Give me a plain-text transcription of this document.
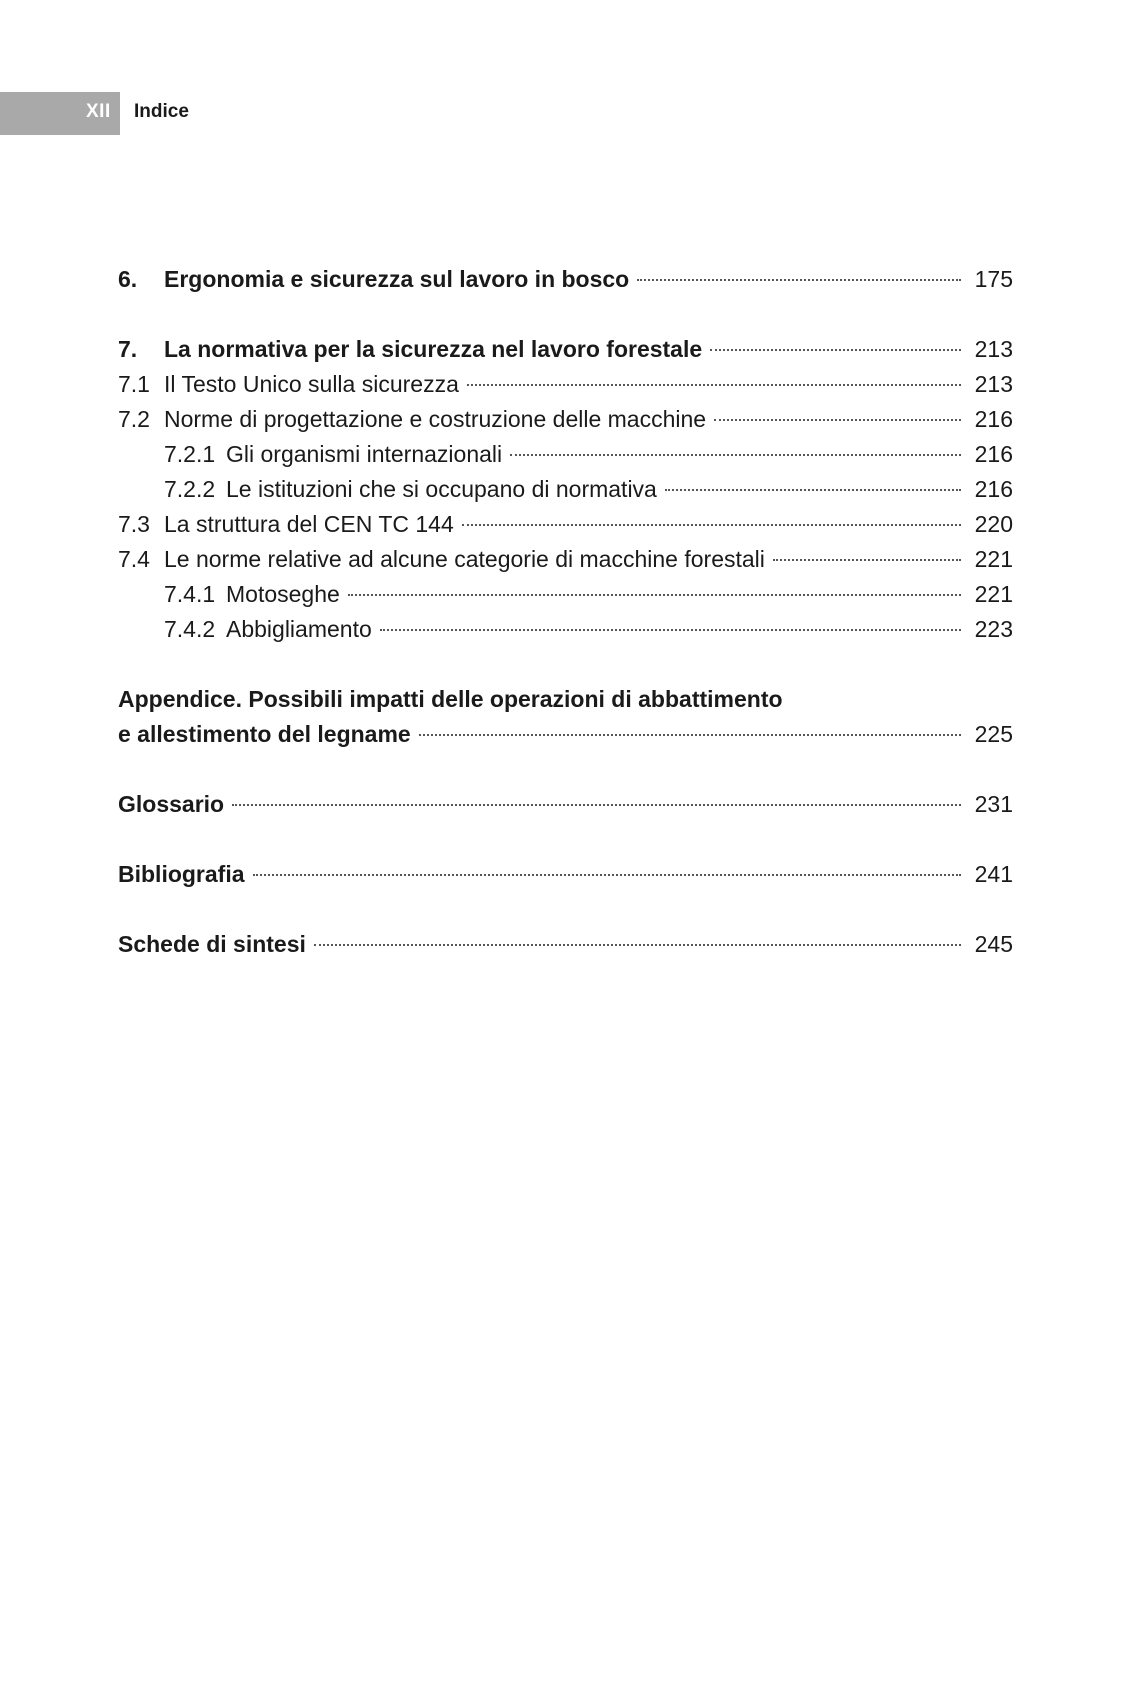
XII Indice
6.	Ergonomia e sicurezza sul lavoro in bosco	175
7.	La normativa per la sicurezza nel lavoro forestale	213
7.1 Il Testo Unico sulla sicurezza	213
7.2 Norme di progettazione e costruzione delle macchine	216
7.2.1 Gli organismi internazionali	216
7.2.2 Le istituzioni che si occupano di normativa	216
7.3 La struttura del CEN TC 144	220
7.4 Le norme relative ad alcune categorie di macchine forestali	221
7.4.1 Motoseghe	221
7.4.2 Abbigliamento	223
Appendice. Possibili impatti delle operazioni di abbattimento
e allestimento del legname	225
Glossario	231
Bibliografia	241
Schede di sintesi	245
